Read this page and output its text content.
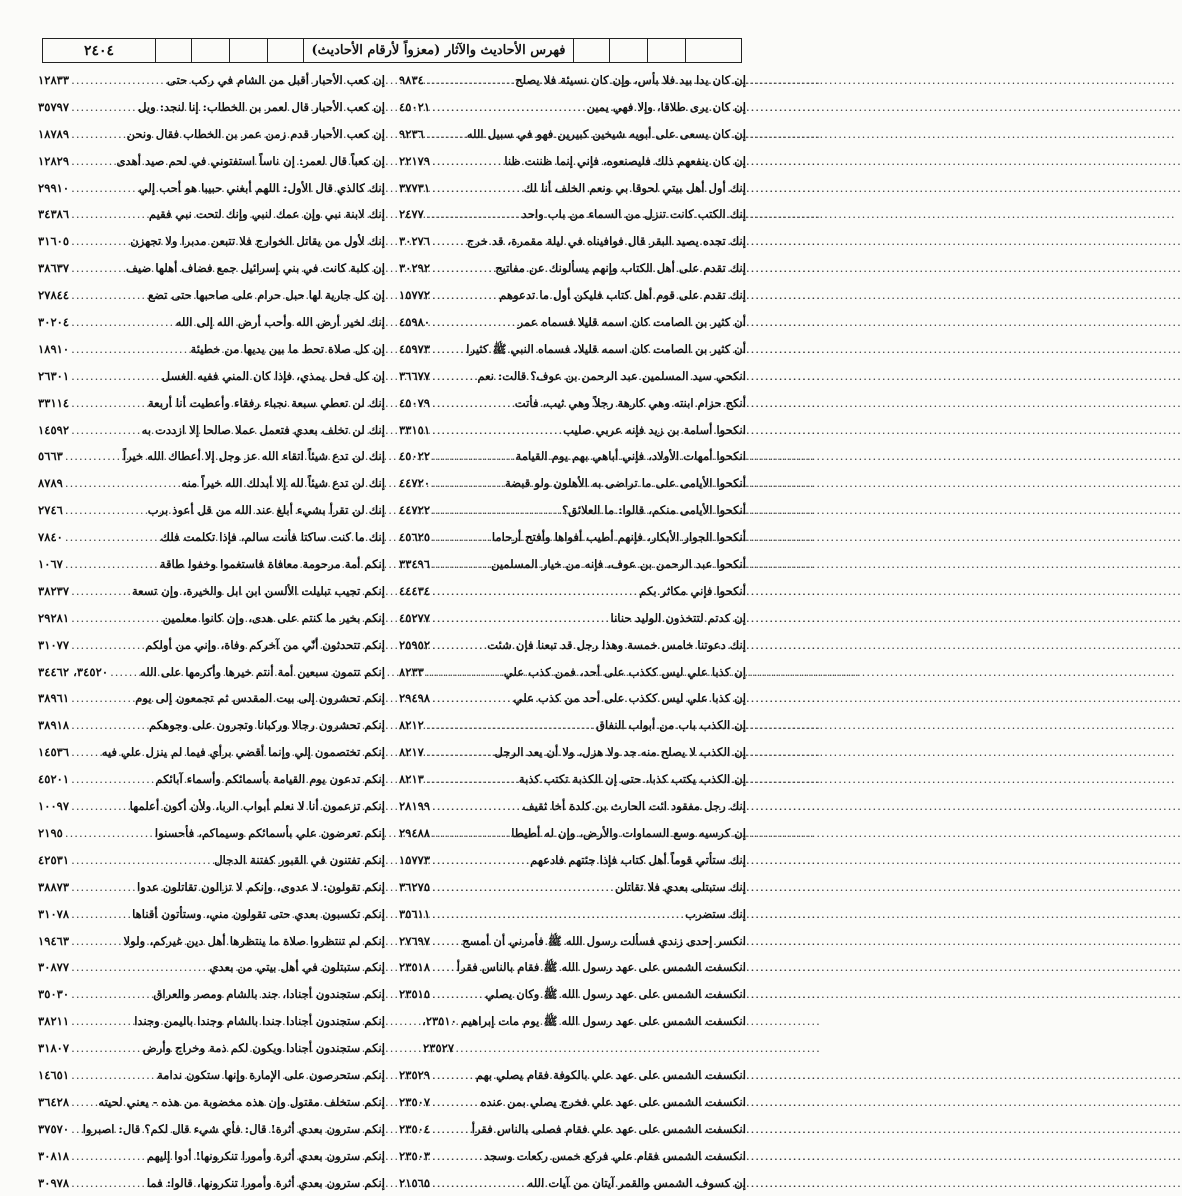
فهرس الأحاديث والآثار (معزواً لأرقام الأحاديث)
٢٤٠٤
إن كان يدا بيد فلا بأس، وإن كان نسيئة فلا يصلح
.....
٩٨٣٤
إن كان يرى طلاقا، وإلا فهي يمين
.....
٤٥٠٢١
إن كان يسعى على أبويه شيخين كبيرين فهو في سبيل الله
.....
٩٢٣٦
إن كان ينفعهم ذلك فليصنعوه، فإني إنما ظننت ظنا
.....
٢٢١٧٩
إنك أول أهل بيتي لحوقا بي ونعم الخلف أنا لك
.....
٣٧٧٣١
إنك الكتب كانت تنزل من السماء من باب واحد
.....
٢٤٧٧
إنك تجده يصيد البقر قال فوافيناه في ليلة مقمرة، قد خرج
.....
٣٠٢٧٦
إنك تقدم على أهل الكتاب وإنهم يسألونك عن مفاتيح
.....
٣٠٢٩٢
إنك تقدم على قوم أهل كتاب فليكن أول ما تدعوهم
.....
١٥٧٧٢
أن كثير بن الصامت كان اسمه قليلا فسماه عمر
.....
٤٥٩٨٠
أن كثير بن الصامت كان اسمه قليلا، فسماه النبي ﷺ كثيرا
.....
٤٥٩٧٣
انكحي سيد المسلمين عبد الرحمن بن عوف؟ قالت: نعم
.....
٣٦٦٧٧
أنكح حزام ابنته وهي كارهة رجلاً وهي ثيب، فأتت
.....
٤٥٠٧٩
انكحوا أسامة بن زيد فإنه عربي صليب
.....
٣٣١٥١
انكحوا أمهات الأولاد، فإني أباهي بهم يوم القيامة
.....
٤٥٠٢٢
أنكحوا الأيامى على ما تراضى به الأهلون ولو قبضة
.....
٤٤٧٢٠
أنكحوا الأيامى منكم، قالوا: ما العلائق؟
.....
٤٤٧٢٢
أنكحوا الجوار الأبكار، فإنهم أطيب أفواها وأفتح أرحاما
.....
٤٥٦٢٥
أنكحوا عبد الرحمن بن عوف، فإنه من خيار المسلمين
.....
٣٣٤٩٦
أنكحوا فإني مكاثر بكم
.....
٤٤٤٣٤
إن كدتم لتتخذون الوليد حنانا
.....
٤٥٢٧٧
إنك دعوتنا خامس خمسة وهذا رجل قد تبعنا فإن شئت
.....
٢٥٩٥٢
إن كذبا علي ليس ككذب على أحد، فمن كذب علي
.....
٨٢٣٣
إن كذبا علي ليس ككذب على أحد من كذب علي
.....
٢٩٤٩٨
إن الكذب باب من أبواب النفاق
.....
٨٢١٢
إن الكذب لا يصلح منه جد ولا هزل، ولا أن يعد الرجل
.....
٨٢١٧
إن الكذب يكتب كذبا، حتى إن الكذبة تكتب كذبة
.....
٨٢١٣
إنك رجل مفقود ائت الحارث بن كلدة أخا ثقيف
.....
٢٨١٩٩
إن كرسيه وسع السماوات والأرض، وإن له أطيطا
.....
٢٩٤٨٨
إنك ستأتي قوماً أهل كتاب فإذا جئتهم فادعهم
.....
١٥٧٧٣
إنك ستبتلى بعدي فلا تقاتلن
.....
٣٦٢٧٥
إنك ستضرب
.....
٣٥٦١١
انكسر إحدى زندي فسألت رسول الله ﷺ فأمرني أن أمسح
.....
٢٧٦٩٧
انكسفت الشمس على عهد رسول الله ﷺ فقام بالناس فقرأ
.....
٢٣٥١٨
انكسفت الشمس على عهد رسول الله ﷺ وكان يصلي
.....
٢٣٥١٥
انكسفت الشمس على عهد رسول الله ﷺ يوم مات إبراهيم ٢٣٥١٠،
٢٣٥٢٧
انكسفت الشمس على عهد علي بالكوفة فقام يصلي بهم
.....
٢٣٥٢٩
انكسفت الشمس على عهد علي فخرج يصلي بمن عنده
.....
٢٣٥٠٧
انكسفت الشمس على عهد علي فقام فصلى بالناس فقرأ
.....
٢٣٥٠٤
انكسفت الشمس فقام علي فركع خمس ركعات وسجد
.....
٢٣٥٠٣
إن كسوف الشمس والقمر آيتان من آيات الله
.....
٢١٥٦٥
إن كعب الأحبار أقبل من الشام في ركب حتى
.....
١٢٨٣٣
إن كعب الأحبار قال لعمر بن الخطاب: إنا لنجد: ويل
.....
٣٥٧٩٧
إن كعب الأحبار قدم زمن عمر بن الخطاب فقال ونحن
.....
١٨٧٨٩
إن كعباً قال لعمر: إن ناساً استفتوني في لحم صيد أهدى
.....
١٢٨٢٩
إنك كالذي قال الأول: اللهم أبغني حبيبا هو أحب إلي
.....
٢٩٩١٠
إنك لابنة نبي وإن عمك لنبي وإنك لتحت نبي فقيم
.....
٣٤٣٨٦
إنك لأول من يقاتل الخوارج فلا تتبعن مدبرا ولا تجهزن
.....
٣١٦٠٥
إن كلبة كانت في بني إسرائيل جمع فضاف أهلها ضيف
.....
٣٨٦٣٧
إن كل جارية لها حبل حرام على صاحبها حتى تضع
.....
٢٧٨٤٤
إنك لخير أرض الله وأحب أرض الله إلى الله
.....
٣٠٢٠٤
إن كل صلاة تحط ما بين يديها من خطيئة
.....
١٨٩١٠
إن كل فحل يمذي، فإذا كان المني ففيه الغسل
.....
٢٦٣٠١
إنك لن تعطي سبعة نجباء رفقاء وأعطيت أنا أربعة
.....
٣٣١١٤
إنك لن تخلف بعدي فتعمل عملا صالحا إلا ازددت به
.....
١٤٥٩٢
إنك لن تدع شيئاً اتقاء الله عز وجل إلا أعطاك الله خيراً
.....
٥٦٦٣
إنك لن تدع شيئاً لله إلا أبدلك الله خيراً منه
.....
٨٧٨٩
إنك لن تقرأ بشيء أبلغ عند الله من قل أعوذ برب
.....
٢٧٤٦
إنك ما كنت ساكتا فأنت سالم، فإذا تكلمت فلك
.....
٧٨٤٠
إنكم أمة مرحومة معافاة فاستغموا وخفوا طاقة
.....
١٠٦٧
إنكم تجيب تبليلت الألسن ابن ابل والخيرة، وإن تسعة
.....
٣٨٢٣٧
إنكم بخير ما كنتم على هدى، وإن كانوا معلمين
.....
٢٩٢٨١
إنكم تتحدثون أنّي من آخركم وفاة، وإني من أولكم
.....
٣١٠٧٧
إنكم تتمون سبعين أمة أنتم خيرها وأكرمها على الله
.....
٣٤٥٢٠، ٣٤٤٦٢
إنكم تحشرون إلى بيت المقدس ثم تجمعون إلى يوم
.....
٣٨٩٦١
إنكم تحشرون رجالا وركبانا وتجرون على وجوهكم
.....
٣٨٩١٨
إنكم تختصمون إلي وإنما أقضي برأي فيما لم ينزل علي فيه
.....
١٤٥٣٦
إنكم تدعون يوم القيامة بأسمائكم وأسماء آبائكم
.....
٤٥٢٠١
إنكم تزعمون أنا لا نعلم أبواب الربا، ولأن أكون أعلمها
.....
١٠٠٩٧
إنكم تعرضون علي بأسمائكم وسيماكم، فأحسنوا
.....
٢١٩٥
إنكم تفتنون في القبور كفتنة الدجال
.....
٤٢٥٣١
إنكم تقولون: لا عدوى، وإنكم لا تزالون تقاتلون عدوا
.....
٣٨٨٧٣
إنكم تكسبون بعدي حتى تقولون مني، وستأتون أقناها
.....
٣١٠٧٨
إنكم لم تنتظروا صلاة ما ينتظرها أهل دين غيركم، ولولا
.....
١٩٤٦٣
إنكم ستبتلون في أهل بيتي من بعدي
.....
٣٠٨٧٧
إنكم ستجندون أجنادا، جند بالشام ومصر والعراق
.....
٣٥٠٣٠
إنكم ستجندون أجنادا جندا بالشام وجندا باليمن وجندا
.....
٣٨٢١١
إنكم ستجندون أجنادا ويكون لكم ذمة وخراج وأرض
.....
٣١٨٠٧
إنكم ستحرصون على الإمارة وإنها ستكون ندامة
.....
١٤٦٥١
إنكم ستخلف مقتول وإن هذه مخضوبة من هذه - يعني لحيته
.....
٣٦٤٢٨
إنكم سترون بعدي أثرة! قال: فأي شيء قال لكم؟ قال: اصبروا
.....
٣٧٥٧٠
إنكم سترون بعدي أثرة وأمورا تنكرونها! أدوا إليهم
.....
٣٠٨١٨
إنكم سترون بعدي أثرة وأمورا تنكرونها، قالوا: فما
.....
٣٠٩٧٨
